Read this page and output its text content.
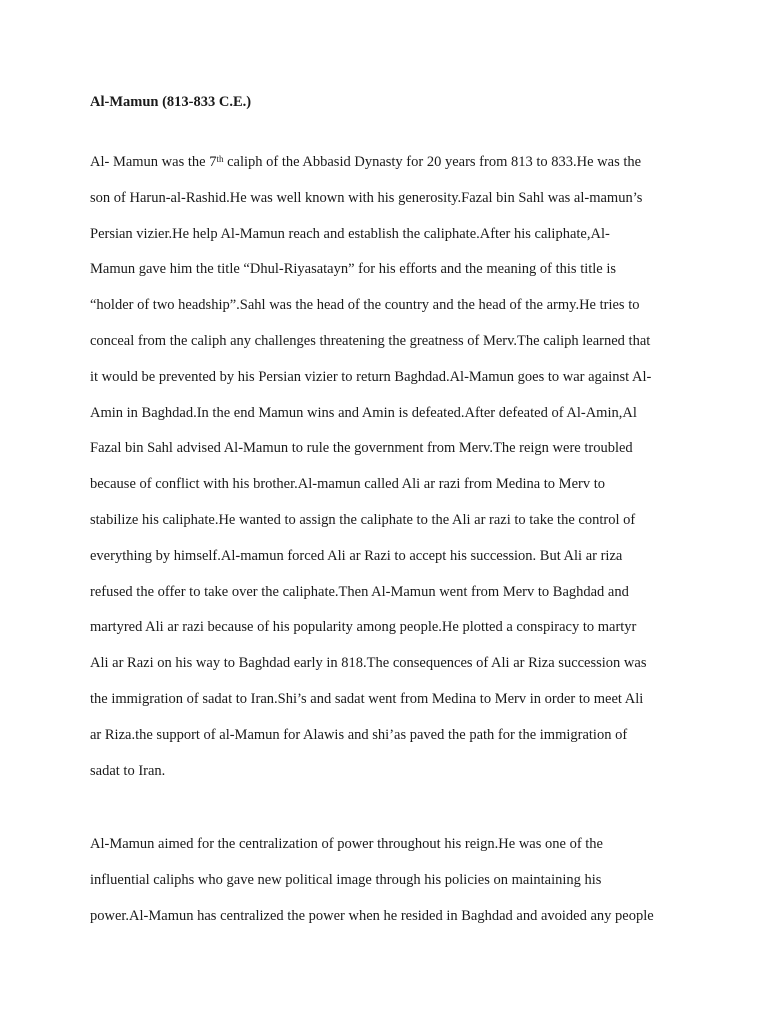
Al-Mamun (813-833 C.E.)
Al- Mamun was the 7th caliph of the Abbasid Dynasty for 20 years from 813 to 833.He was the
son of Harun-al-Rashid.He was well known with his generosity.Fazal bin Sahl was al-mamun’s
Persian vizier.He help Al-Mamun reach and establish the caliphate.After his caliphate,Al-
Mamun gave him the title “Dhul-Riyasatayn” for his efforts and the meaning of this title is
“holder of two headship”.Sahl was the head of the country and the head of the army.He tries to
conceal from the caliph any challenges threatening the greatness of Merv.The caliph learned that
it would be prevented by his Persian vizier to return Baghdad.Al-Mamun goes to war against Al-
Amin in Baghdad.In the end Mamun wins and Amin is defeated.After defeated of Al-Amin,Al
Fazal bin Sahl advised Al-Mamun to rule the government from Merv.The reign were troubled
because of conflict with his brother.Al-mamun called Ali ar razi from Medina to Merv to
stabilize his caliphate.He wanted to assign the caliphate to the Ali ar razi to take the control of
everything by himself.Al-mamun forced Ali ar Razi to accept his succession. But Ali ar riza
refused the offer to take over the caliphate.Then Al-Mamun went from Merv to Baghdad and
martyred Ali ar razi because of his popularity among people.He plotted a conspiracy to martyr
Ali ar Razi on his way to Baghdad early in 818.The consequences of Ali ar Riza succession was
the immigration of sadat to Iran.Shi’s and sadat went from Medina to Merv in order to meet Ali
ar Riza.the support of al-Mamun for Alawis and shi’as paved the path for the immigration of
sadat to Iran.
Al-Mamun aimed for the centralization of power throughout his reign.He was one of the
influential caliphs who gave new political image through his policies on maintaining his
power.Al-Mamun has centralized the power when he resided in Baghdad and avoided any people
